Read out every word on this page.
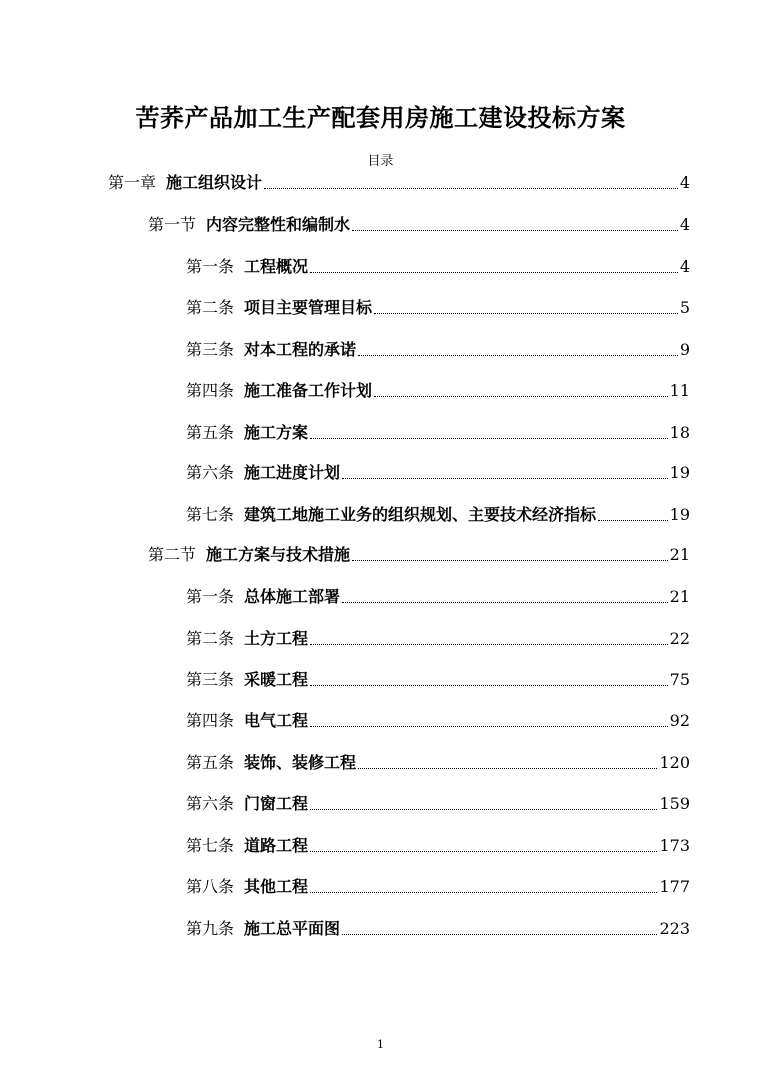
苦荞产品加工生产配套用房施工建设投标方案
目录
第一章 施工组织设计	4
第一节 内容完整性和编制水	4
第一条 工程概况	4
第二条 项目主要管理目标	5
第三条 对本工程的承诺	9
第四条 施工准备工作计划	11
第五条 施工方案	18
第六条 施工进度计划	19
第七条 建筑工地施工业务的组织规划、主要技术经济指标	19
第二节 施工方案与技术措施	21
第一条 总体施工部署	21
第二条 土方工程	22
第三条 采暖工程	75
第四条 电气工程	92
第五条 装饰、装修工程	120
第六条 门窗工程	159
第七条 道路工程	173
第八条 其他工程	177
第九条 施工总平面图	223
1
